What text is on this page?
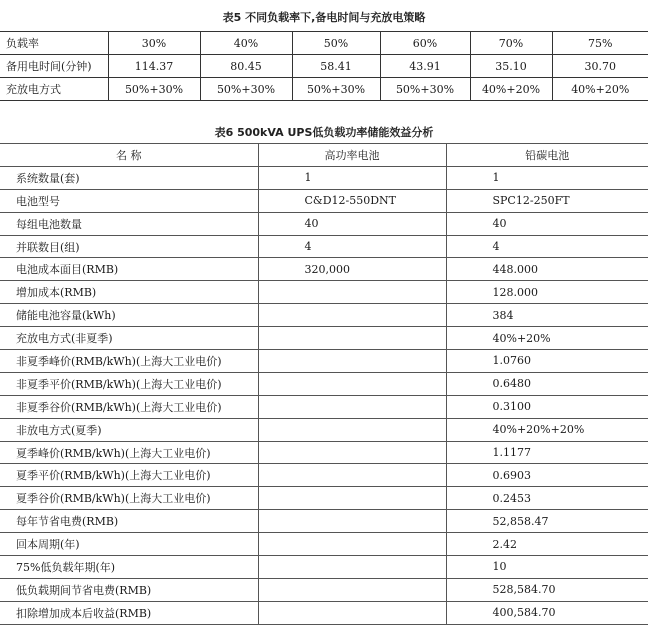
表5 不同负载率下,备电时间与充放电策略
负载率	30%	40%	50%	60%	70%	75%
备用电时间(分钟)	114.37	80.45	58.41	43.91	35.10	30.70
充放电方式	50%+30%	50%+30%	50%+30%	50%+30%	40%+20%	40%+20%
表6 500kVA UPS低负载功率储能效益分析
名 称	高功率电池	铅碳电池
系统数量(套)	1	1
电池型号	C&D12-550DNT	SPC12-250FT
每组电池数量	40	40
并联数目(组)	4	4
电池成本面目(RMB)	320,000	448.000
增加成本(RMB)		128.000
储能电池容量(kWh)		384
充放电方式(非夏季)		40%+20%
非夏季峰价(RMB/kWh)(上海大工业电价)		1.0760
非夏季平价(RMB/kWh)(上海大工业电价)		0.6480
非夏季谷价(RMB/kWh)(上海大工业电价)		0.3100
非放电方式(夏季)		40%+20%+20%
夏季峰价(RMB/kWh)(上海大工业电价)		1.1177
夏季平价(RMB/kWh)(上海大工业电价)		0.6903
夏季谷价(RMB/kWh)(上海大工业电价)		0.2453
每年节省电费(RMB)		52,858.47
回本周期(年)		2.42
75%低负载年期(年)		10
低负载期间节省电费(RMB)		528,584.70
扣除增加成本后收益(RMB)		400,584.70
